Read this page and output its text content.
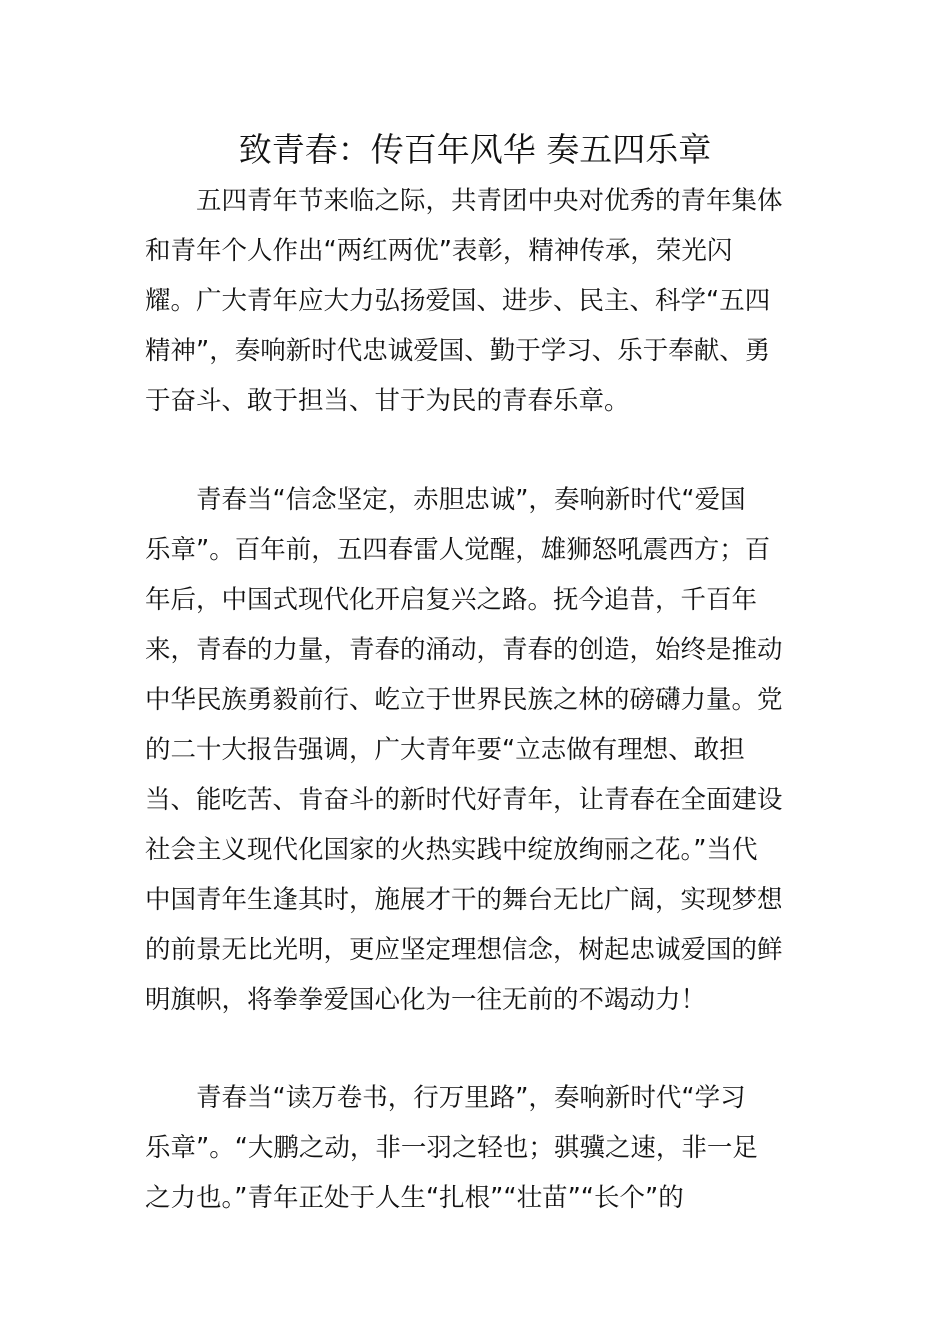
致青春：传百年风华 奏五四乐章

五四青年节来临之际，共青团中央对优秀的青年集体
和青年个人作出“两红两优”表彰，精神传承，荣光闪
耀。广大青年应大力弘扬爱国、进步、民主、科学“五四
精神”，奏响新时代忠诚爱国、勤于学习、乐于奉献、勇
于奋斗、敢于担当、甘于为民的青春乐章。

青春当“信念坚定，赤胆忠诚”，奏响新时代“爱国
乐章”。百年前，五四春雷人觉醒，雄狮怒吼震西方；百
年后，中国式现代化开启复兴之路。抚今追昔，千百年
来，青春的力量，青春的涌动，青春的创造，始终是推动
中华民族勇毅前行、屹立于世界民族之林的磅礴力量。党
的二十大报告强调，广大青年要“立志做有理想、敢担
当、能吃苦、肯奋斗的新时代好青年，让青春在全面建设
社会主义现代化国家的火热实践中绽放绚丽之花。”当代
中国青年生逢其时，施展才干的舞台无比广阔，实现梦想
的前景无比光明，更应坚定理想信念，树起忠诚爱国的鲜
明旗帜，将拳拳爱国心化为一往无前的不竭动力！

青春当“读万卷书，行万里路”，奏响新时代“学习
乐章”。“大鹏之动，非一羽之轻也；骐骥之速，非一足
之力也。”青年正处于人生“扎根”“壮苗”“长个”的
